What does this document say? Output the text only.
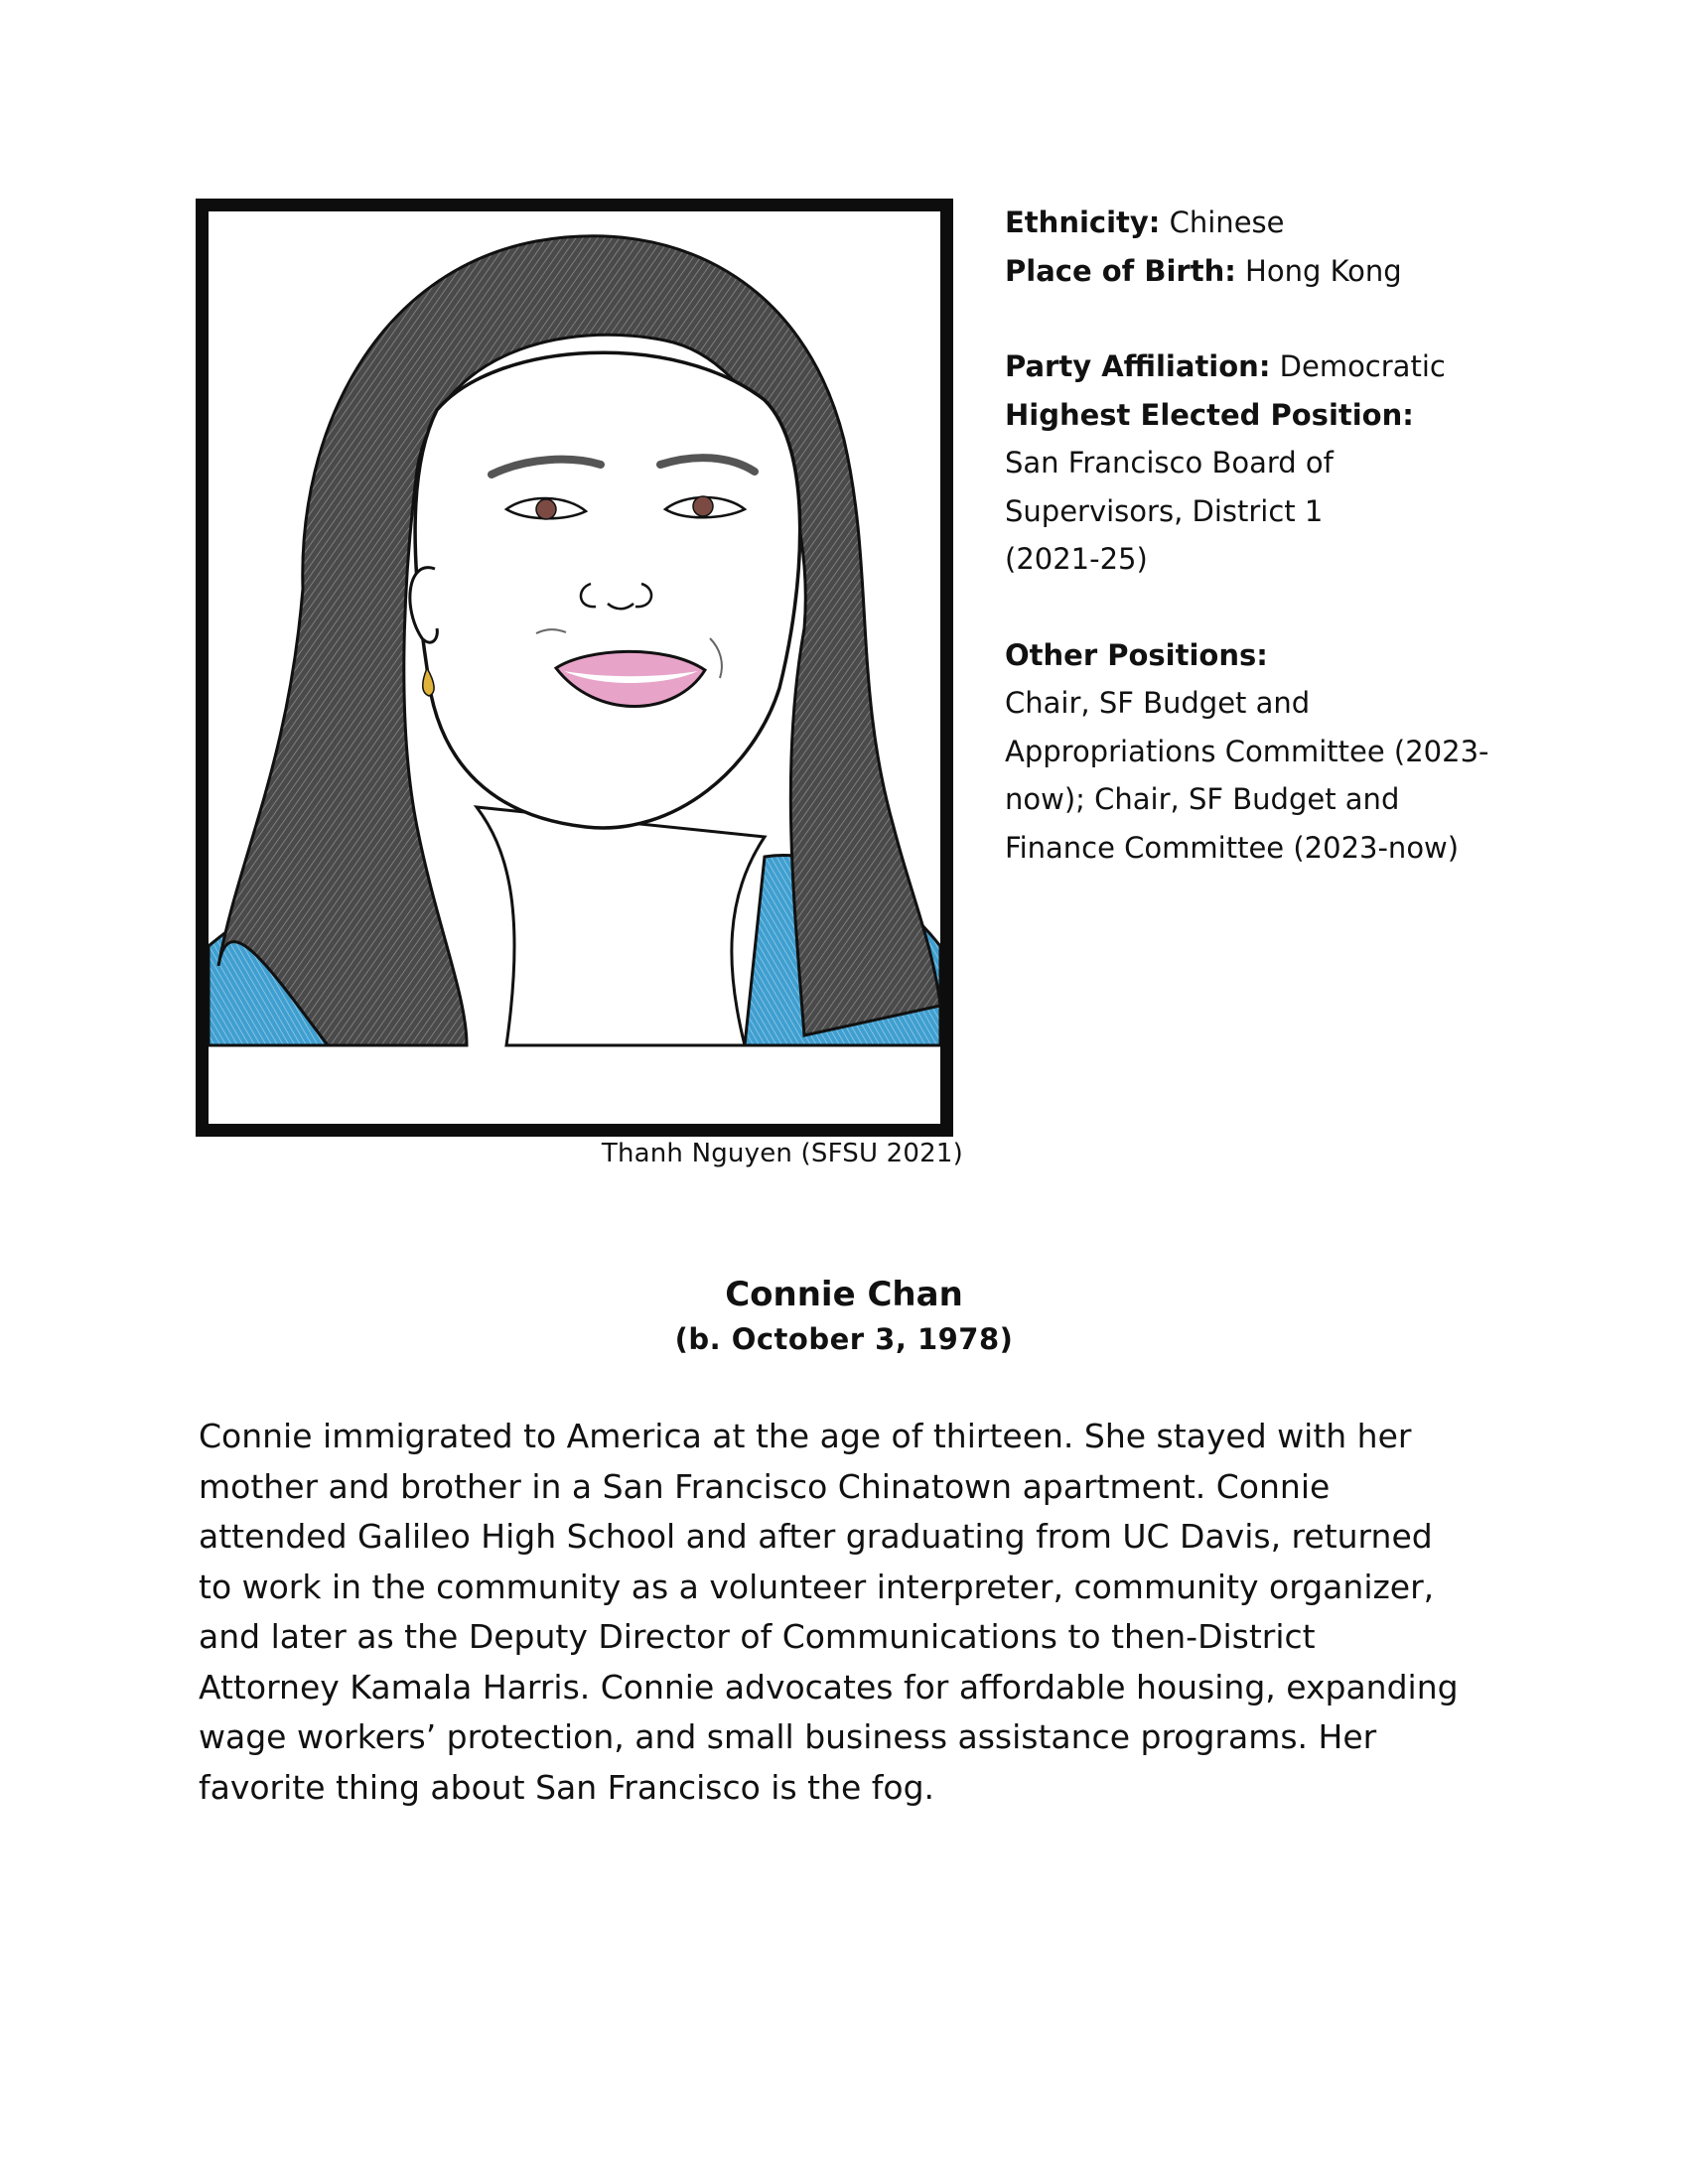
Thanh Nguyen (SFSU 2021)

Ethnicity: Chinese

Place of Birth: Hong Kong

Party Affiliation: Democratic

Highest Elected Position:

San Francisco Board of

Supervisors, District 1

(2021-25)

Other Positions:

Chair, SF Budget and

Appropriations Committee (2023-

now); Chair, SF Budget and

Finance Committee (2023-now)

Connie Chan
(b. October 3, 1978)
Connie immigrated to America at the age of thirteen. She stayed with her
mother and brother in a San Francisco Chinatown apartment. Connie
attended Galileo High School and after graduating from UC Davis, returned
to work in the community as a volunteer interpreter, community organizer,
and later as the Deputy Director of Communications to then-District
Attorney Kamala Harris. Connie advocates for affordable housing, expanding
wage workers’ protection, and small business assistance programs. Her
favorite thing about San Francisco is the fog.
